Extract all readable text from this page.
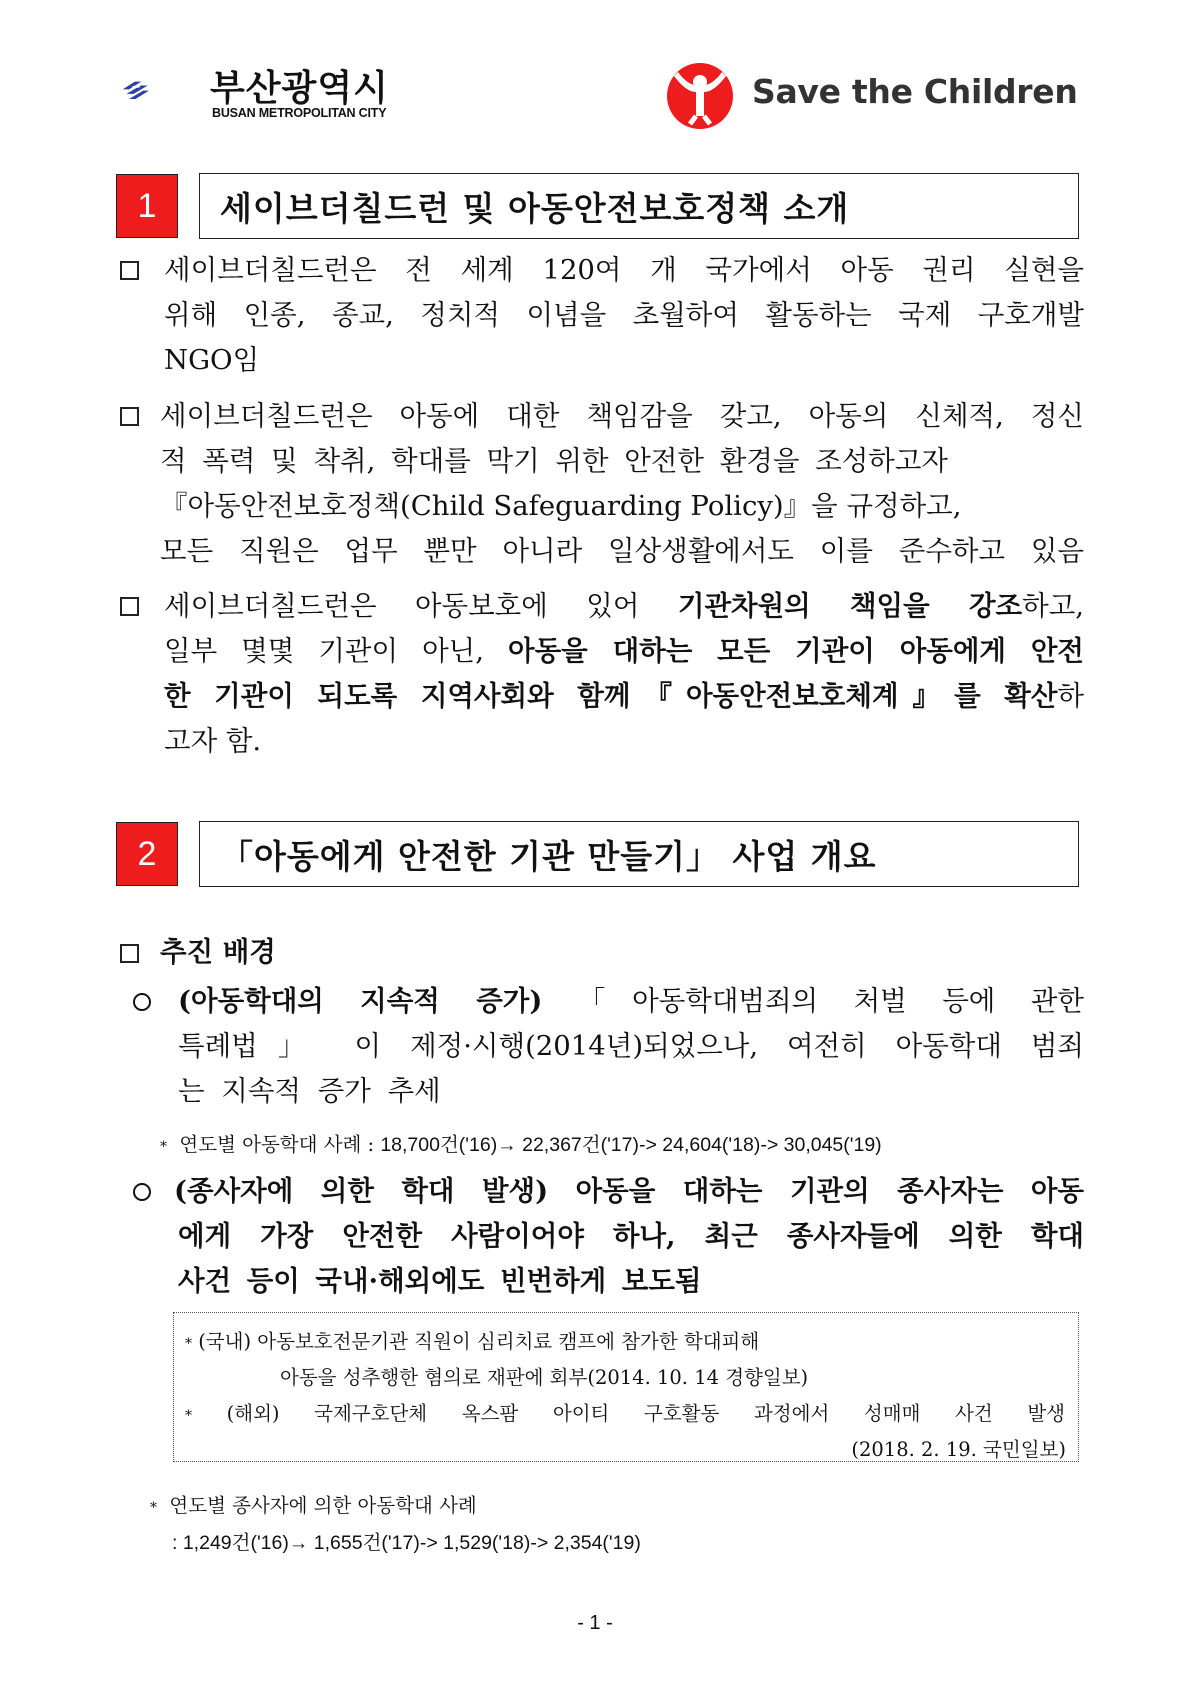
부산광역시
BUSAN METROPOLITAN CITY
Save the Children
1	세이브더칠드런 및 아동안전보호정책 소개
세이브더칠드런은 전 세계 120여 개 국가에서 아동 권리 실현을
위해 인종, 종교, 정치적 이념을 초월하여 활동하는 국제 구호개발
NGO임
세이브더칠드런은 아동에 대한 책임감을 갖고, 아동의 신체적, 정신
적 폭력 및 착취, 학대를 막기 위한 안전한 환경을 조성하고자
『아동안전보호정책(Child Safeguarding Policy)』을 규정하고,
모든 직원은 업무 뿐만 아니라 일상생활에서도 이를 준수하고 있음
세이브더칠드런은 아동보호에 있어 기관차원의 책임을 강조하고,
일부 몇몇 기관이 아닌, 아동을 대하는 모든 기관이 아동에게 안전
한 기관이 되도록 지역사회와 함께『아동안전보호체계』를 확산하
고자 함.
2	「아동에게 안전한 기관 만들기」 사업 개요
추진 배경
(아동학대의 지속적 증가) 「아동학대범죄의 처벌 등에 관한
특례법」 이 제정·시행(2014년)되었으나, 여전히 아동학대 범죄
는 지속적 증가 추세
* 연도별 아동학대 사례 : 18,700건('16)→ 22,367건('17)-> 24,604('18)-> 30,045('19)
(종사자에 의한 학대 발생) 아동을 대하는 기관의 종사자는 아동
에게 가장 안전한 사람이어야 하나, 최근 종사자들에 의한 학대
사건 등이 국내·해외에도 빈번하게 보도됨
* (국내) 아동보호전문기관 직원이 심리치료 캠프에 참가한 학대피해
아동을 성추행한 혐의로 재판에 회부(2014. 10. 14 경향일보)
* (해외) 국제구호단체 옥스팜 아이티 구호활동 과정에서 성매매 사건 발생
(2018. 2. 19. 국민일보)
* 연도별 종사자에 의한 아동학대 사례
: 1,249건('16)→ 1,655건('17)-> 1,529('18)-> 2,354('19)
- 1 -
